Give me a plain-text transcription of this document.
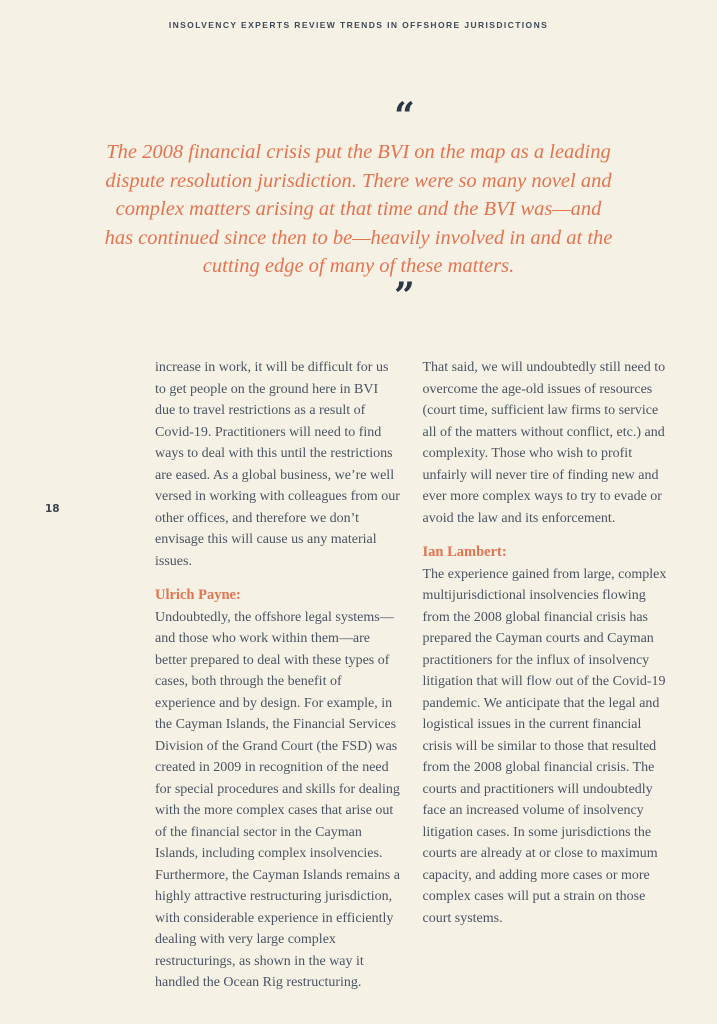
INSOLVENCY EXPERTS REVIEW TRENDS IN OFFSHORE JURISDICTIONS
“
The 2008 financial crisis put the BVI on the map as a leading
dispute resolution jurisdiction. There were so many novel and
complex matters arising at that time and the BVI was—and
has continued since then to be—heavily involved in and at the
cutting edge of many of these matters.
”
18

increase in work, it will be difficult for us to get people on the ground here in BVI due to travel restrictions as a result of Covid-19. Practitioners will need to find ways to deal with this until the restrictions are eased. As a global business, we’re well versed in working with colleagues from our other offices, and therefore we don’t envisage this will cause us any material issues.

Ulrich Payne:

Undoubtedly, the offshore legal systems—and those who work within them—are better prepared to deal with these types of cases, both through the benefit of experience and by design. For example, in the Cayman Islands, the Financial Services Division of the Grand Court (the FSD) was created in 2009 in recognition of the need for special procedures and skills for dealing with the more complex cases that arise out of the financial sector in the Cayman Islands, including complex insolvencies. Furthermore, the Cayman Islands remains a highly attractive restructuring jurisdiction, with considerable experience in efficiently dealing with very large complex restructurings, as shown in the way it handled the Ocean Rig restructuring.

That said, we will undoubtedly still need to overcome the age-old issues of resources (court time, sufficient law firms to service all of the matters without conflict, etc.) and complexity. Those who wish to profit unfairly will never tire of finding new and ever more complex ways to try to evade or avoid the law and its enforcement.

Ian Lambert:

The experience gained from large, complex multijurisdictional insolvencies flowing from the 2008 global financial crisis has prepared the Cayman courts and Cayman practitioners for the influx of insolvency litigation that will flow out of the Covid-19 pandemic. We anticipate that the legal and logistical issues in the current financial crisis will be similar to those that resulted from the 2008 global financial crisis. The courts and practitioners will undoubtedly face an increased volume of insolvency litigation cases. In some jurisdictions the courts are already at or close to maximum capacity, and adding more cases or more complex cases will put a strain on those court systems.
